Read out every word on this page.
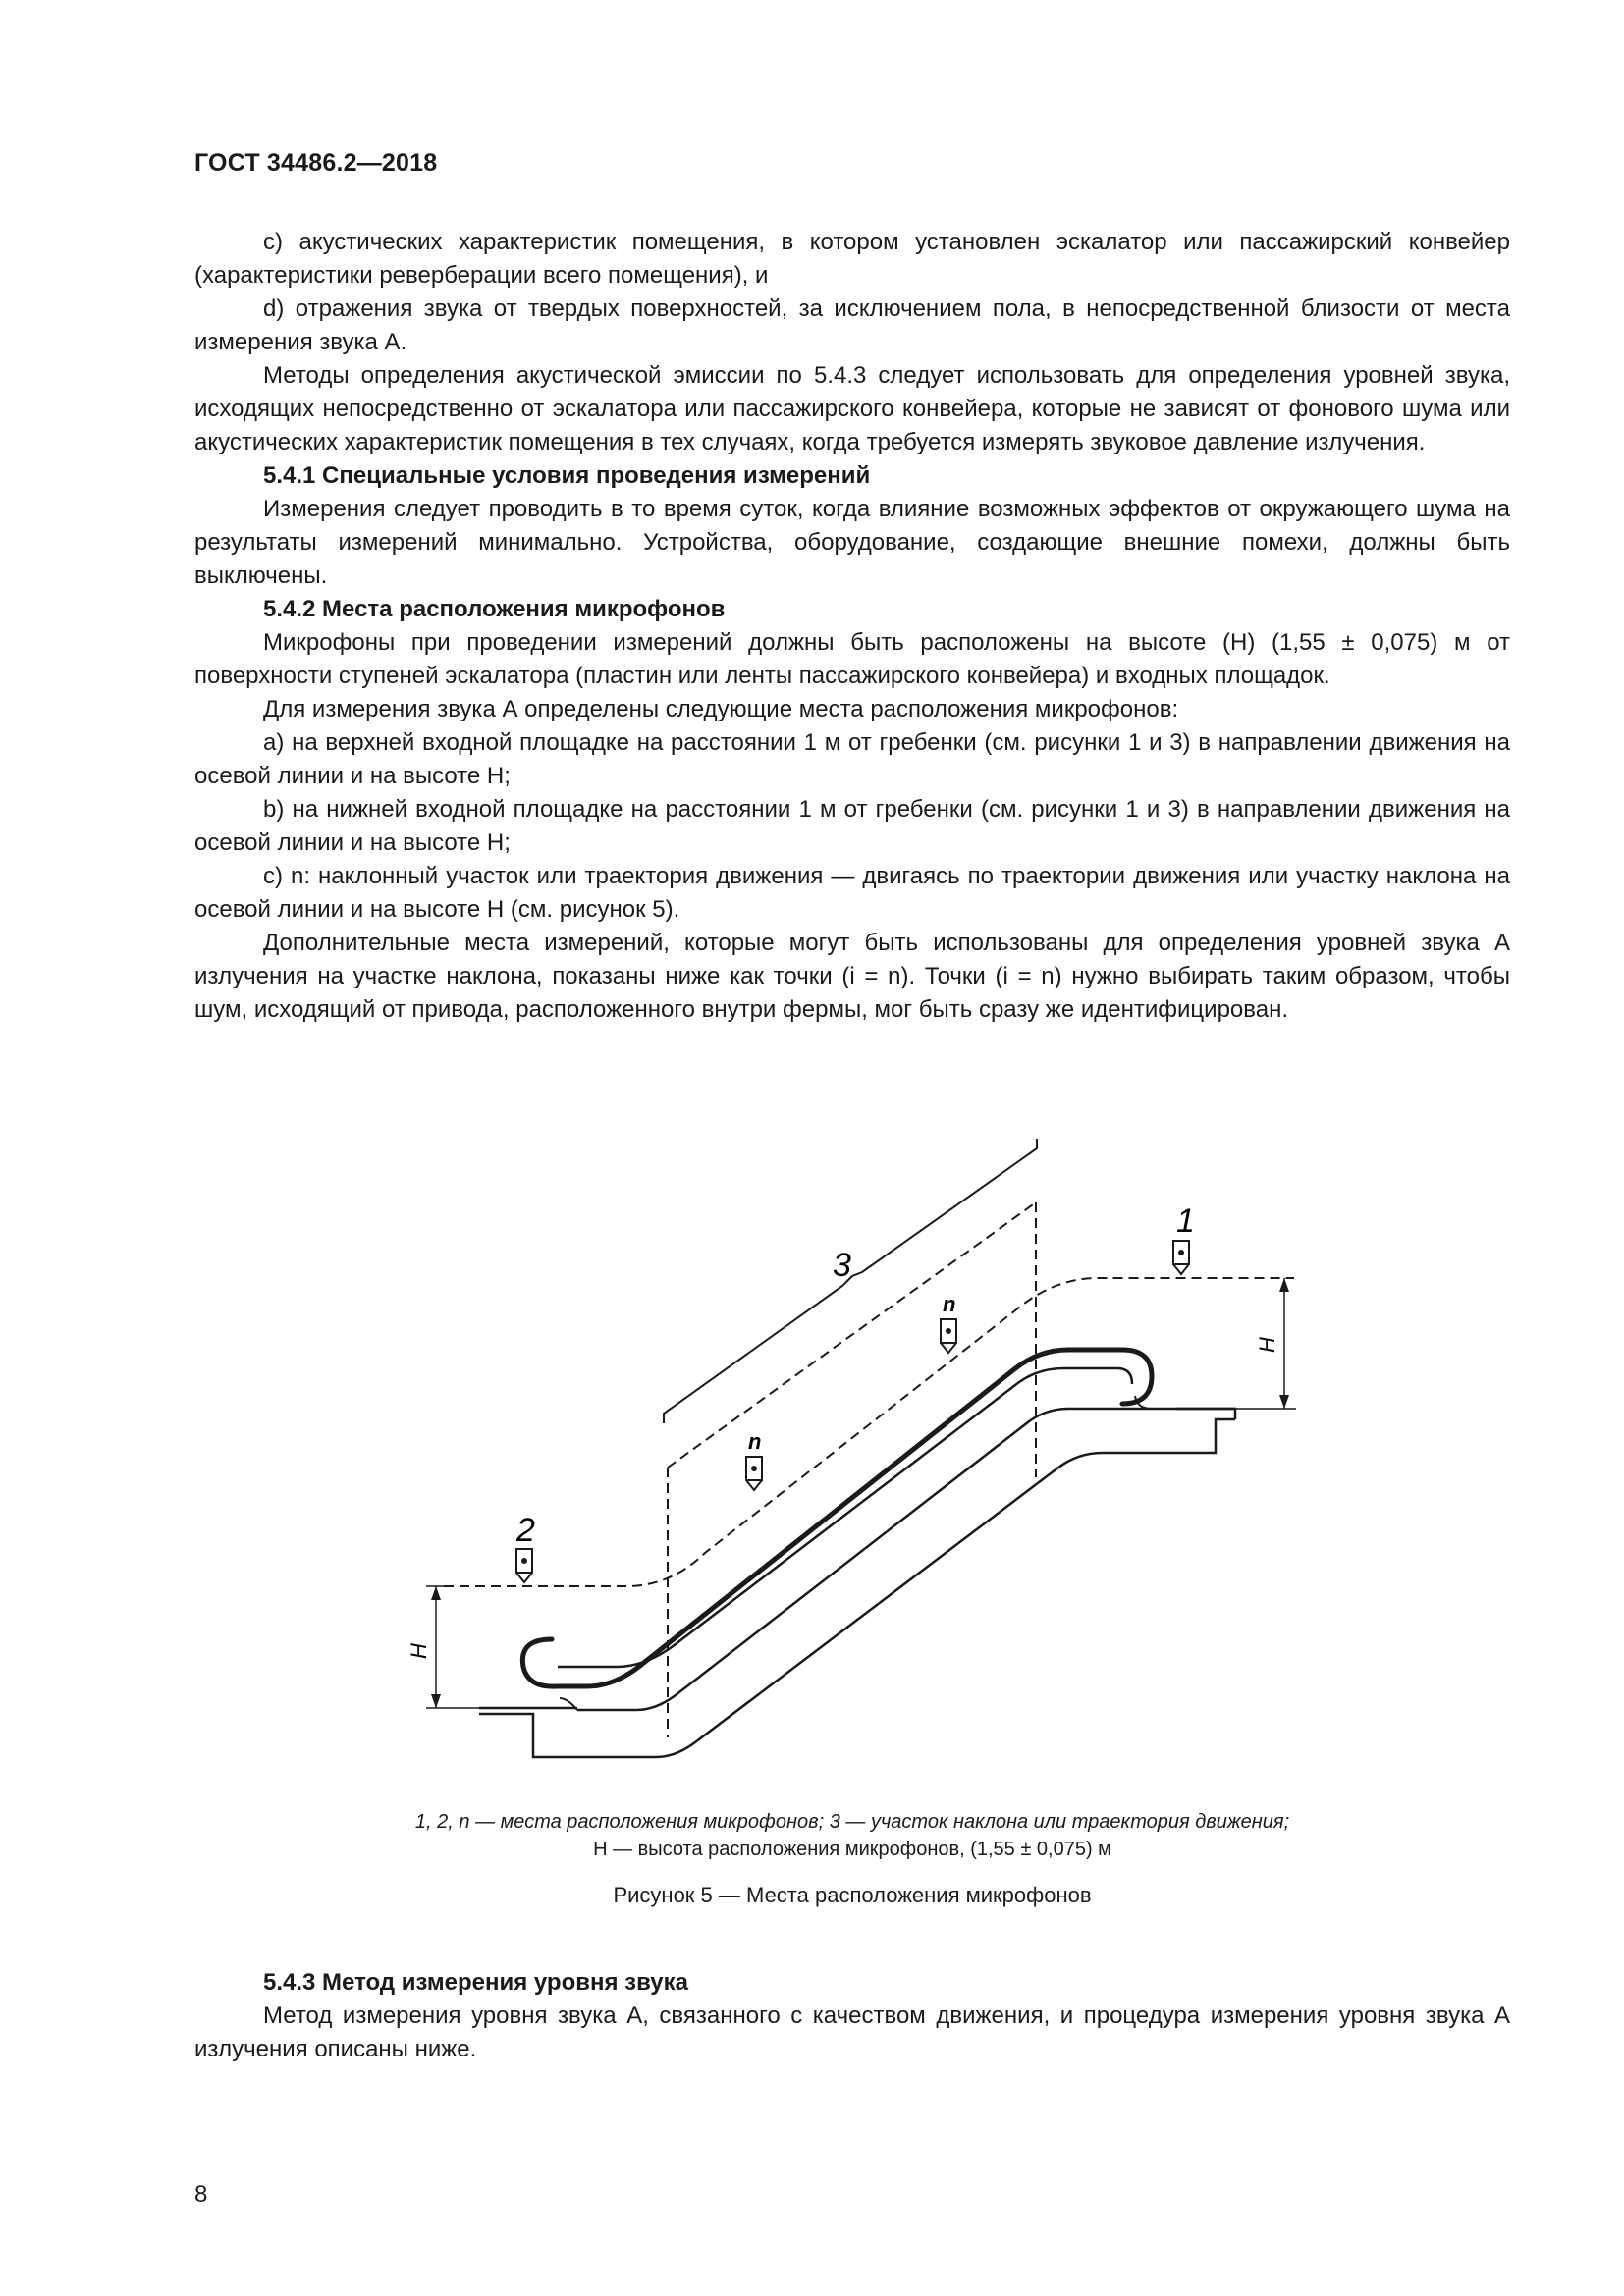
ГОСТ 34486.2—2018

c) акустических характеристик помещения, в котором установлен эскалатор или пассажирский конвейер (характеристики реверберации всего помещения), и

d) отражения звука от твердых поверхностей, за исключением пола, в непосредственной близости от места измерения звука А.

Методы определения акустической эмиссии по 5.4.3 следует использовать для определения уровней звука, исходящих непосредственно от эскалатора или пассажирского конвейера, которые не зависят от фонового шума или акустических характеристик помещения в тех случаях, когда требуется измерять звуковое давление излучения.

5.4.1 Специальные условия проведения измерений

Измерения следует проводить в то время суток, когда влияние возможных эффектов от окружающего шума на результаты измерений минимально. Устройства, оборудование, создающие внешние помехи, должны быть выключены.

5.4.2 Места расположения микрофонов

Микрофоны при проведении измерений должны быть расположены на высоте (H) (1,55 ± 0,075) м от поверхности ступеней эскалатора (пластин или ленты пассажирского конвейера) и входных площадок.

Для измерения звука А определены следующие места расположения микрофонов:

a) на верхней входной площадке на расстоянии 1 м от гребенки (см. рисунки 1 и 3) в направлении движения на осевой линии и на высоте H;

b) на нижней входной площадке на расстоянии 1 м от гребенки (см. рисунки 1 и 3) в направлении движения на осевой линии и на высоте H;

c) n: наклонный участок или траектория движения — двигаясь по траектории движения или участку наклона на осевой линии и на высоте H (см. рисунок 5).

Дополнительные места измерений, которые могут быть использованы для определения уровней звука А излучения на участке наклона, показаны ниже как точки (i = n). Точки (i = n) нужно выбирать таким образом, чтобы шум, исходящий от привода, расположенного внутри фермы, мог быть сразу же идентифицирован.

H
H
1
2
n
n
3

1, 2, n — места расположения микрофонов; 3 — участок наклона или траектория движения;

H — высота расположения микрофонов, (1,55 ± 0,075) м

Рисунок 5 — Места расположения микрофонов

5.4.3 Метод измерения уровня звука

Метод измерения уровня звука А, связанного с качеством движения, и процедура измерения уровня звука А излучения описаны ниже.

8
